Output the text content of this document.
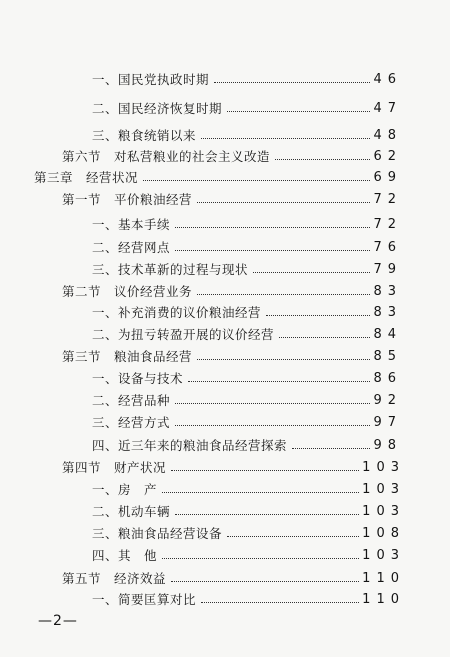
一、国民党执政时期	46
二、国民经济恢复时期	47
三、粮食统销以来	48
第六节　对私营粮业的社会主义改造	62
第三章　经营状况	69
第一节　平价粮油经营	72
一、基本手续	72
二、经营网点	76
三、技术革新的过程与现状	79
第二节　议价经营业务	83
一、补充消费的议价粮油经营	83
二、为扭亏转盈开展的议价经营	84
第三节　粮油食品经营	85
一、设备与技术	86
二、经营品种	92
三、经营方式	97
四、近三年来的粮油食品经营探索	98
第四节　财产状况	103
一、房　产	103
二、机动车辆	103
三、粮油食品经营设备	108
四、其　他	103
第五节　经济效益	110
一、简要匡算对比	110
—2—
